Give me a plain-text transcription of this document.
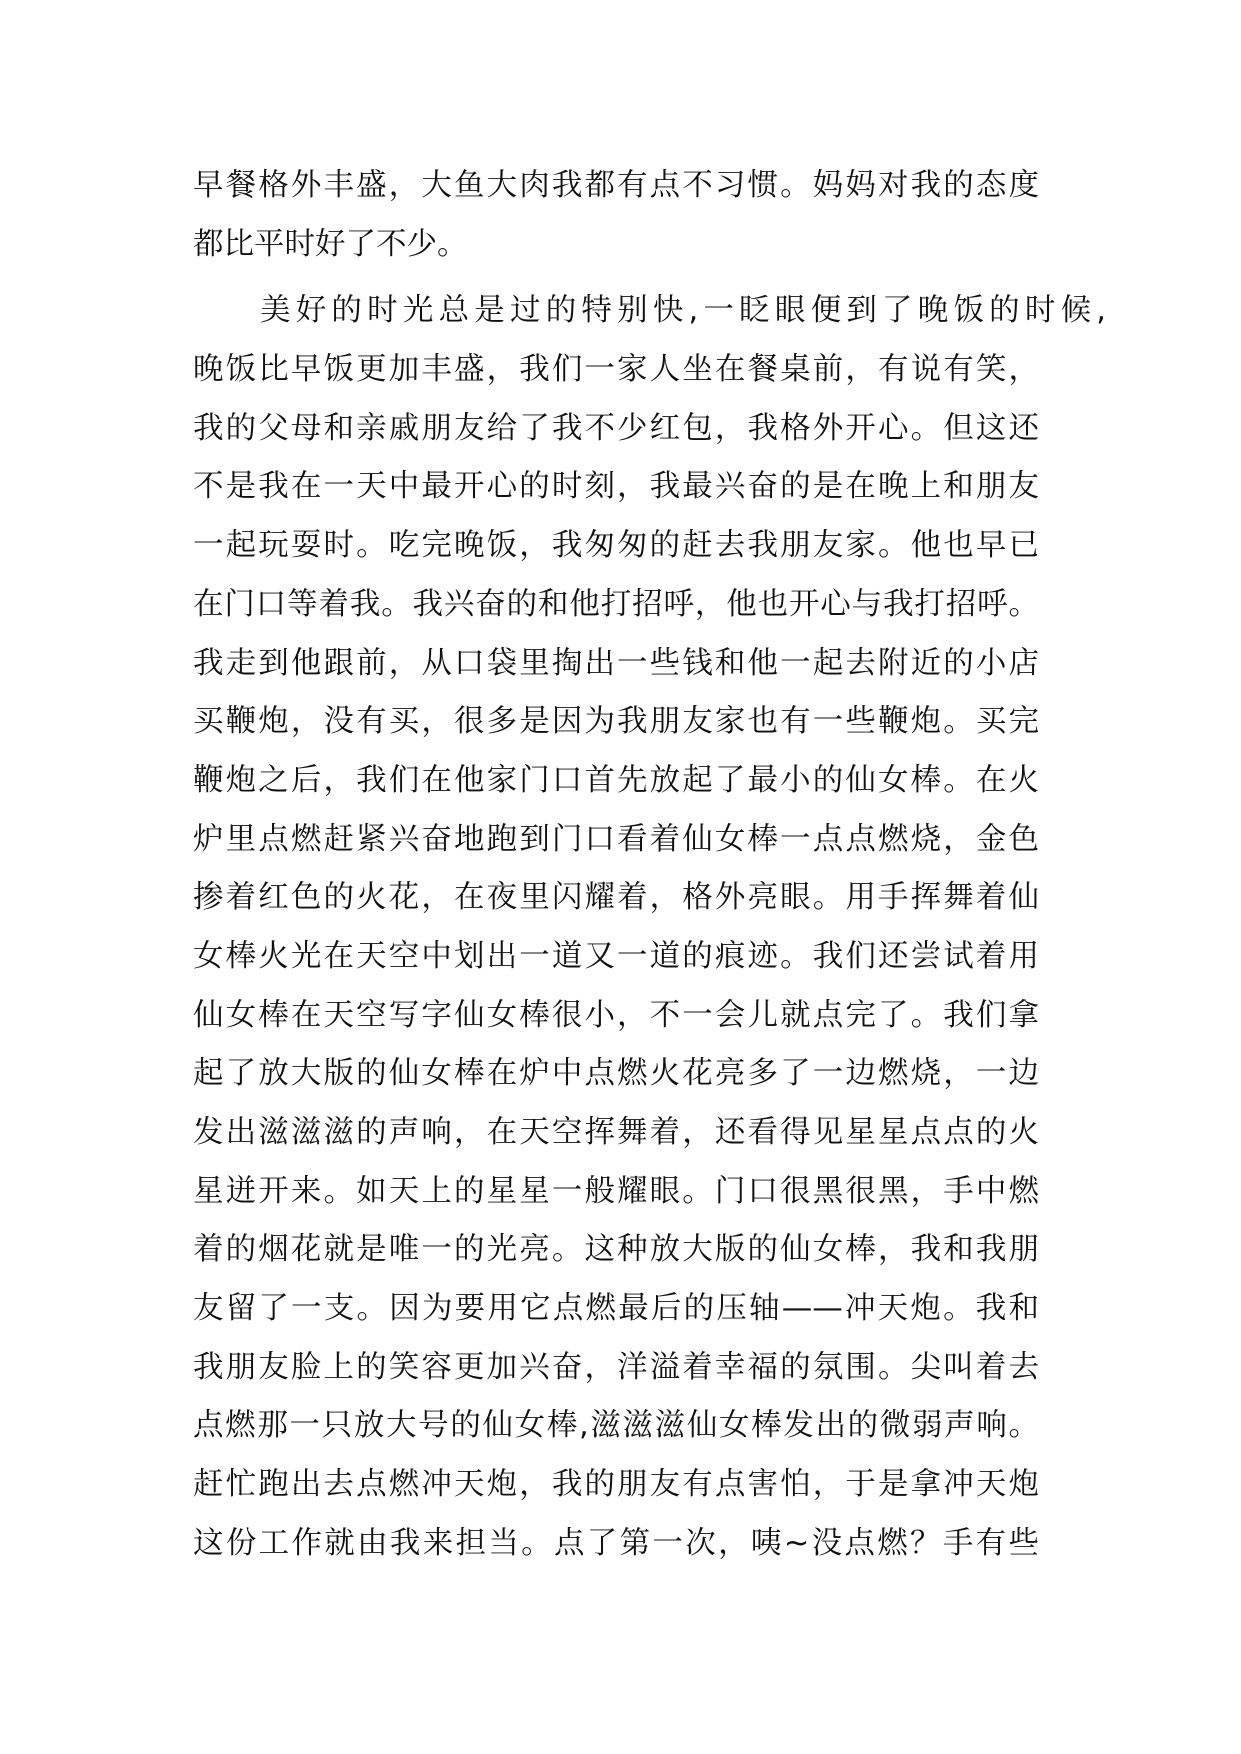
早餐格外丰盛，大鱼大肉我都有点不习惯。妈妈对我的态度
都比平时好了不少。
美好的时光总是过的特别快,一眨眼便到了晚饭的时候,
晚饭比早饭更加丰盛，我们一家人坐在餐桌前，有说有笑，
我的父母和亲戚朋友给了我不少红包，我格外开心。但这还
不是我在一天中最开心的时刻，我最兴奋的是在晚上和朋友
一起玩耍时。吃完晚饭，我匆匆的赶去我朋友家。他也早已
在门口等着我。我兴奋的和他打招呼，他也开心与我打招呼。
我走到他跟前，从口袋里掏出一些钱和他一起去附近的小店
买鞭炮，没有买，很多是因为我朋友家也有一些鞭炮。买完
鞭炮之后，我们在他家门口首先放起了最小的仙女棒。在火
炉里点燃赶紧兴奋地跑到门口看着仙女棒一点点燃烧，金色
掺着红色的火花，在夜里闪耀着，格外亮眼。用手挥舞着仙
女棒火光在天空中划出一道又一道的痕迹。我们还尝试着用
仙女棒在天空写字仙女棒很小，不一会儿就点完了。我们拿
起了放大版的仙女棒在炉中点燃火花亮多了一边燃烧，一边
发出滋滋滋的声响，在天空挥舞着，还看得见星星点点的火
星迸开来。如天上的星星一般耀眼。门口很黑很黑，手中燃
着的烟花就是唯一的光亮。这种放大版的仙女棒，我和我朋
友留了一支。因为要用它点燃最后的压轴——冲天炮。我和
我朋友脸上的笑容更加兴奋，洋溢着幸福的氛围。尖叫着去
点燃那一只放大号的仙女棒,滋滋滋仙女棒发出的微弱声响。
赶忙跑出去点燃冲天炮，我的朋友有点害怕，于是拿冲天炮
这份工作就由我来担当。点了第一次，咦~没点燃？手有些
